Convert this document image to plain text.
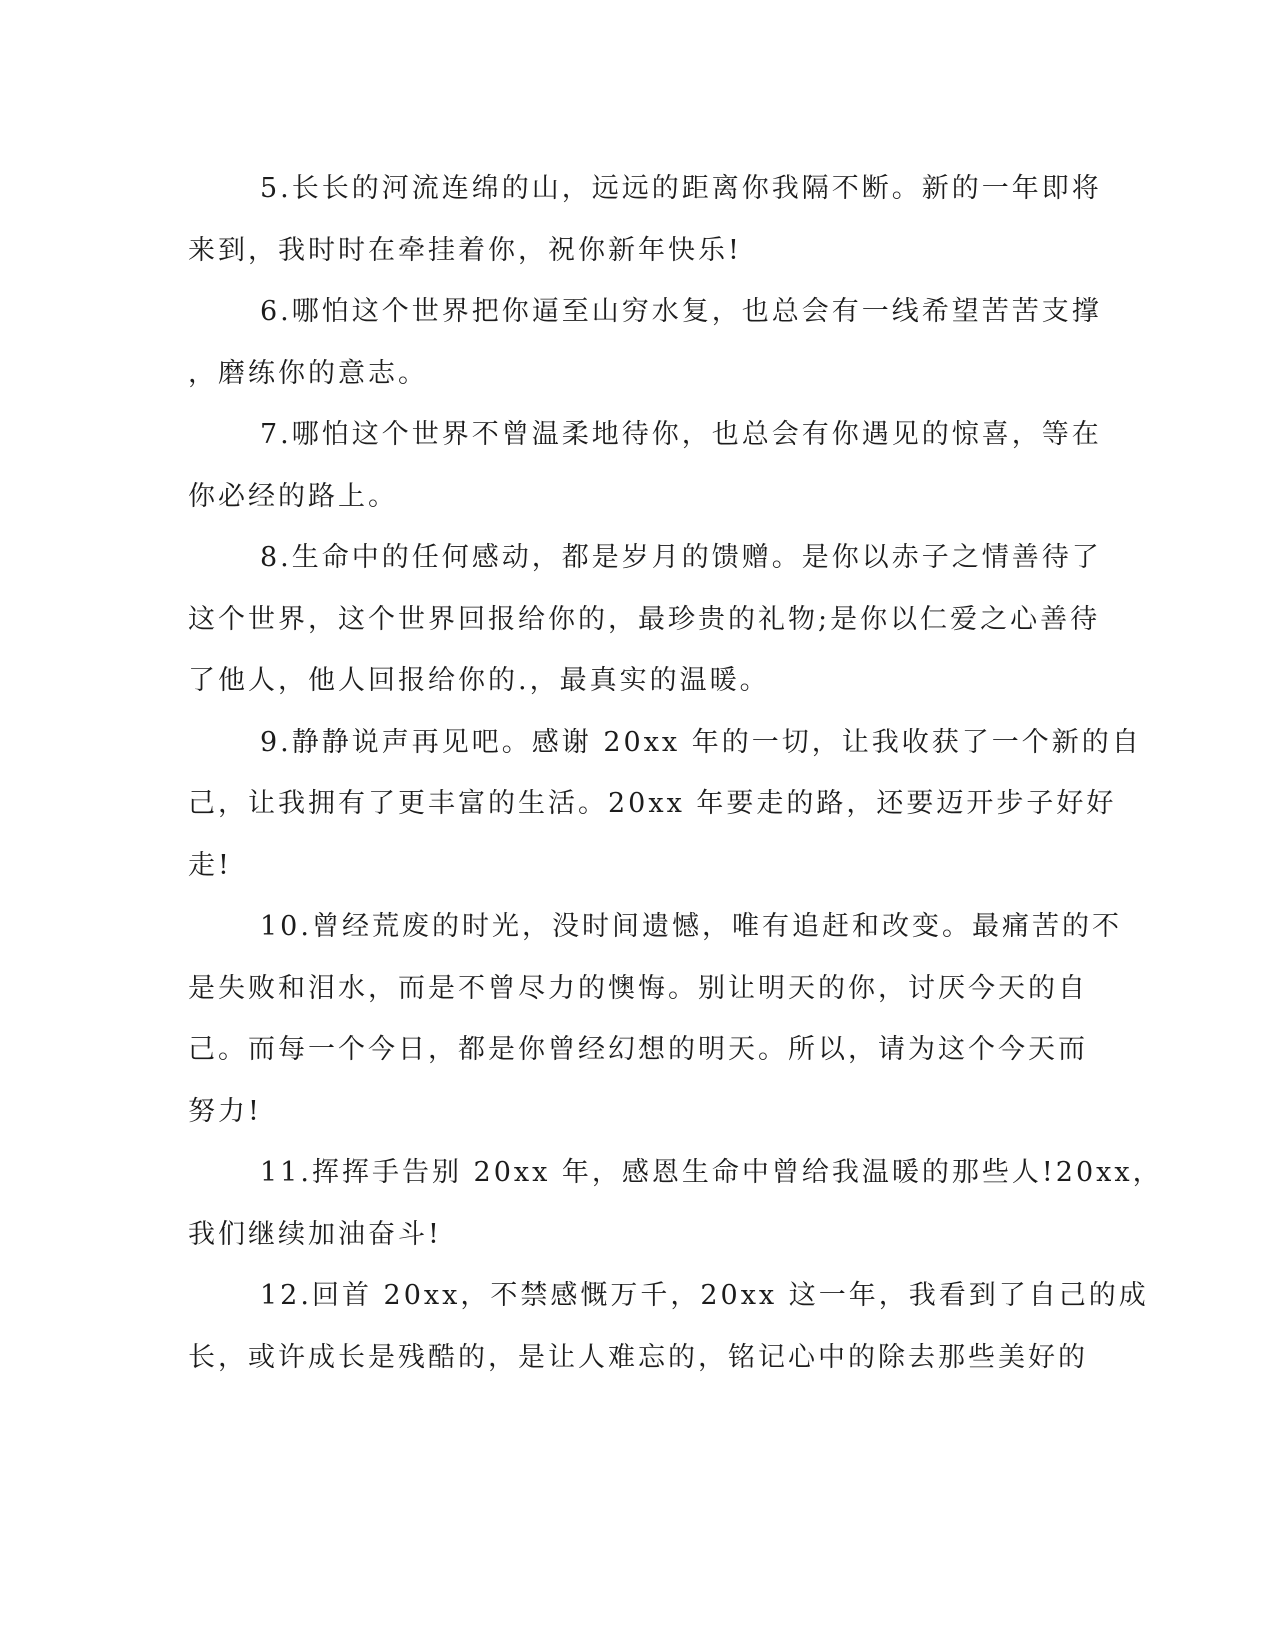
5.长长的河流连绵的山，远远的距离你我隔不断。新的一年即将
来到，我时时在牵挂着你，祝你新年快乐!

6.哪怕这个世界把你逼至山穷水复，也总会有一线希望苦苦支撑
，磨练你的意志。

7.哪怕这个世界不曾温柔地待你，也总会有你遇见的惊喜，等在
你必经的路上。

8.生命中的任何感动，都是岁月的馈赠。是你以赤子之情善待了
这个世界，这个世界回报给你的，最珍贵的礼物;是你以仁爱之心善待
了他人，他人回报给你的.，最真实的温暖。

9.静静说声再见吧。感谢 20xx 年的一切，让我收获了一个新的自
己，让我拥有了更丰富的生活。20xx 年要走的路，还要迈开步子好好
走!

10.曾经荒废的时光，没时间遗憾，唯有追赶和改变。最痛苦的不
是失败和泪水，而是不曾尽力的懊悔。别让明天的你，讨厌今天的自
己。而每一个今日，都是你曾经幻想的明天。所以，请为这个今天而
努力!

11.挥挥手告别 20xx 年，感恩生命中曾给我温暖的那些人!20xx，
我们继续加油奋斗!

12.回首 20xx，不禁感慨万千，20xx 这一年，我看到了自己的成
长，或许成长是残酷的，是让人难忘的，铭记心中的除去那些美好的
